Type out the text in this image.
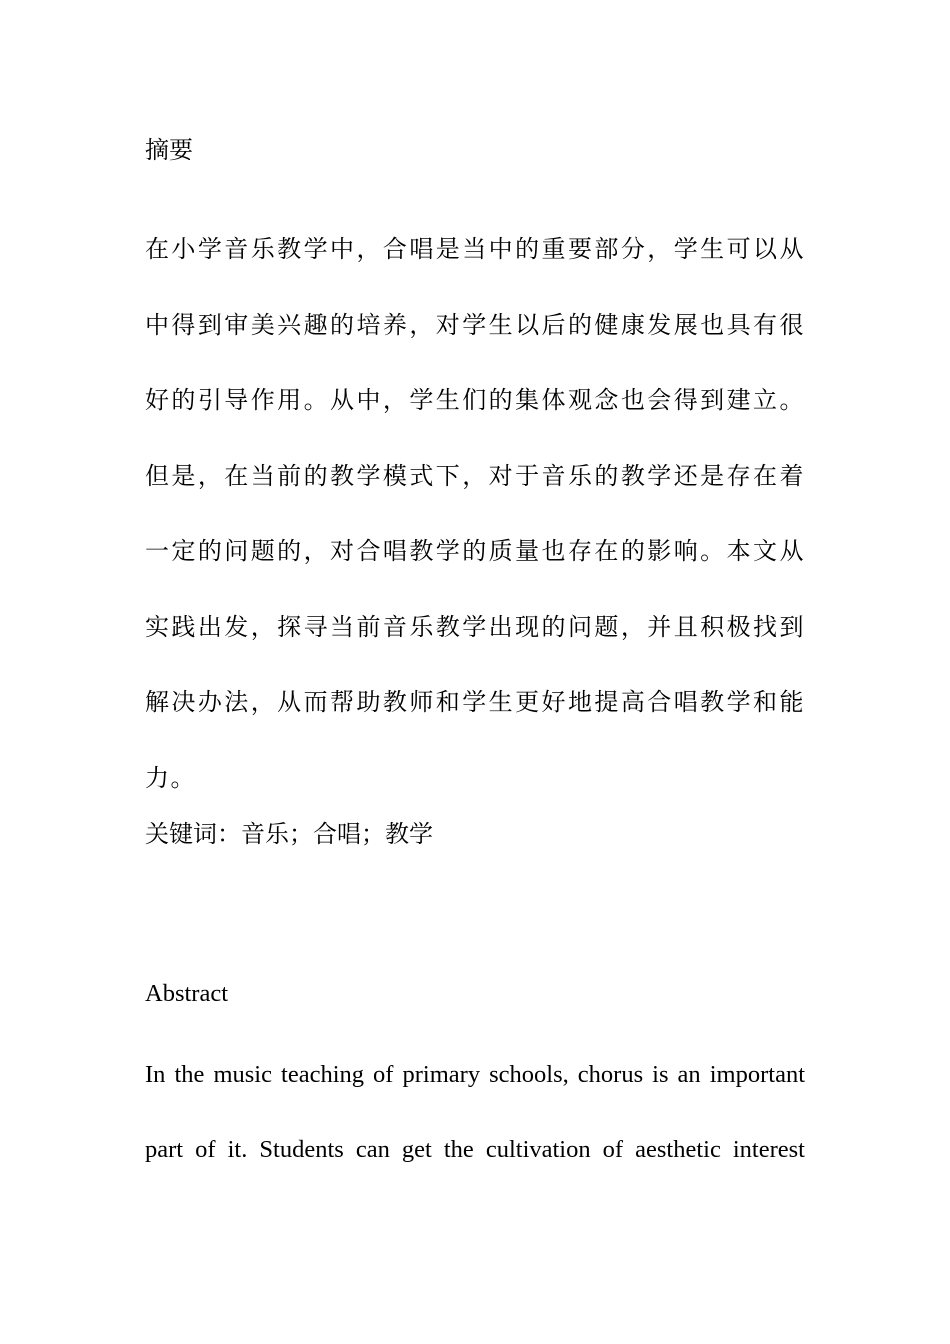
摘要
在小学音乐教学中，合唱是当中的重要部分，学生可以从中得到审美兴趣的培养，对学生以后的健康发展也具有很好的引导作用。从中，学生们的集体观念也会得到建立。但是，在当前的教学模式下，对于音乐的教学还是存在着一定的问题的，对合唱教学的质量也存在的影响。本文从实践出发，探寻当前音乐教学出现的问题，并且积极找到解决办法，从而帮助教师和学生更好地提高合唱教学和能力。
关键词：音乐；合唱；教学
Abstract
In the music teaching of primary schools, chorus is an important part of it. Students can get the cultivation of aesthetic interest
